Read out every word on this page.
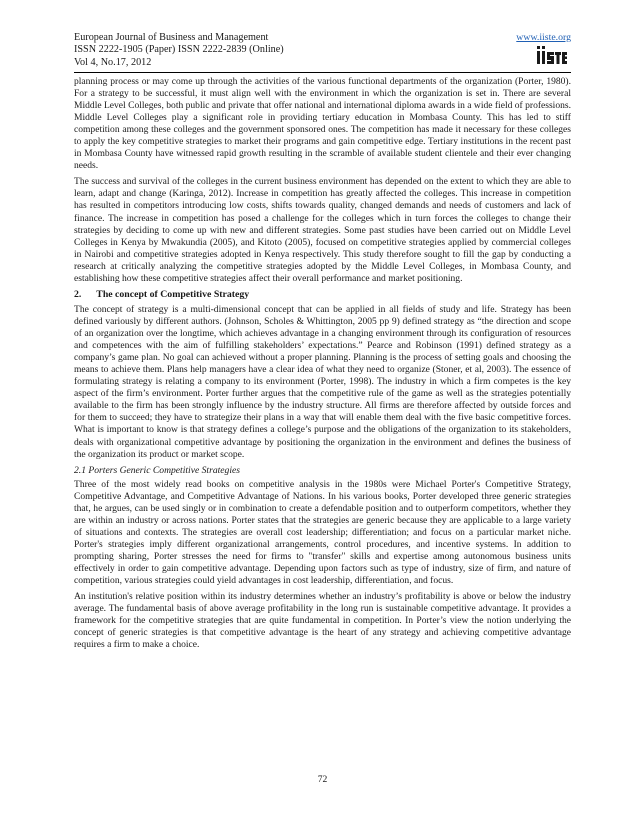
European Journal of Business and Management
ISSN 2222-1905 (Paper) ISSN 2222-2839 (Online)
Vol 4, No.17, 2012
www.iiste.org

planning process or may come up through the activities of the various functional departments of the organization (Porter, 1980). For a strategy to be successful, it must align well with the environment in which the organization is set in. There are several Middle Level Colleges, both public and private that offer national and international diploma awards in a wide field of professions. Middle Level Colleges play a significant role in providing tertiary education in Mombasa County. This has led to stiff competition among these colleges and the government sponsored ones. The competition has made it necessary for these colleges to apply the key competitive strategies to market their programs and gain competitive edge. Tertiary institutions in the recent past in Mombasa County have witnessed rapid growth resulting in the scramble of available student clientele and their ever changing needs.

The success and survival of the colleges in the current business environment has depended on the extent to which they are able to learn, adapt and change (Karinga, 2012). Increase in competition has greatly affected the colleges. This increase in competition has resulted in competitors introducing low costs, shifts towards quality, changed demands and needs of customers and lack of finance. The increase in competition has posed a challenge for the colleges which in turn forces the colleges to change their strategies by deciding to come up with new and different strategies. Some past studies have been carried out on Middle Level Colleges in Kenya by Mwakundia (2005), and Kitoto (2005), focused on competitive strategies applied by commercial colleges in Nairobi and competitive strategies adopted in Kenya respectively. This study therefore sought to fill the gap by conducting a research at critically analyzing the competitive strategies adopted by the Middle Level Colleges, in Mombasa County, and establishing how these competitive strategies affect their overall performance and market positioning.

2. The concept of Competitive Strategy

The concept of strategy is a multi-dimensional concept that can be applied in all fields of study and life. Strategy has been defined variously by different authors. (Johnson, Scholes & Whittington, 2005 pp 9) defined strategy as “the direction and scope of an organization over the longtime, which achieves advantage in a changing environment through its configuration of resources and competences with the aim of fulfilling stakeholders’ expectations.” Pearce and Robinson (1991) defined strategy as a company’s game plan. No goal can achieved without a proper planning. Planning is the process of setting goals and choosing the means to achieve them. Plans help managers have a clear idea of what they need to organize (Stoner, et al, 2003). The essence of formulating strategy is relating a company to its environment (Porter, 1998). The industry in which a firm competes is the key aspect of the firm’s environment. Porter further argues that the competitive rule of the game as well as the strategies potentially available to the firm has been strongly influence by the industry structure. All firms are therefore affected by outside forces and for them to succeed; they have to strategize their plans in a way that will enable them deal with the five basic competitive forces. What is important to know is that strategy defines a college’s purpose and the obligations of the organization to its stakeholders, deals with organizational competitive advantage by positioning the organization in the environment and defines the business of the organization its product or market scope.

2.1 Porters Generic Competitive Strategies

Three of the most widely read books on competitive analysis in the 1980s were Michael Porter's Competitive Strategy, Competitive Advantage, and Competitive Advantage of Nations. In his various books, Porter developed three generic strategies that, he argues, can be used singly or in combination to create a defendable position and to outperform competitors, whether they are within an industry or across nations. Porter states that the strategies are generic because they are applicable to a large variety of situations and contexts. The strategies are overall cost leadership; differentiation; and focus on a particular market niche. Porter's strategies imply different organizational arrangements, control procedures, and incentive systems. In addition to prompting sharing, Porter stresses the need for firms to "transfer" skills and expertise among autonomous business units effectively in order to gain competitive advantage. Depending upon factors such as type of industry, size of firm, and nature of competition, various strategies could yield advantages in cost leadership, differentiation, and focus.

An institution's relative position within its industry determines whether an industry’s profitability is above or below the industry average. The fundamental basis of above average profitability in the long run is sustainable competitive advantage. It provides a framework for the competitive strategies that are quite fundamental in competition. In Porter’s view the notion underlying the concept of generic strategies is that competitive advantage is the heart of any strategy and achieving competitive advantage requires a firm to make a choice.

72
